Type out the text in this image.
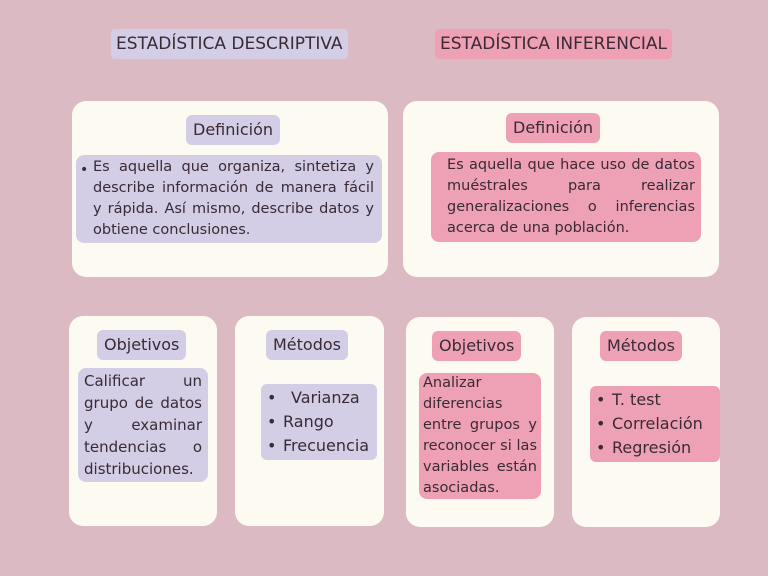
ESTADÍSTICA DESCRIPTIVA	ESTADÍSTICA INFERENCIAL
Definición
Es aquella que organiza, sintetiza y describe información de manera fácil y rápida. Así mismo, describe datos y obtiene conclusiones.
•
Definición

Es aquella que hace uso de datos muéstrales para realizar generalizaciones o inferencias acerca de una población.

Objetivos

Calificar un grupo de datos y examinar tendencias o distribuciones.

Métodos
• Varianza
• Rango
• Frecuencia
Objetivos

Analizar diferencias entre grupos y reconocer si las variables están asociadas.

Métodos
• T. test
• Correlación
• Regresión
